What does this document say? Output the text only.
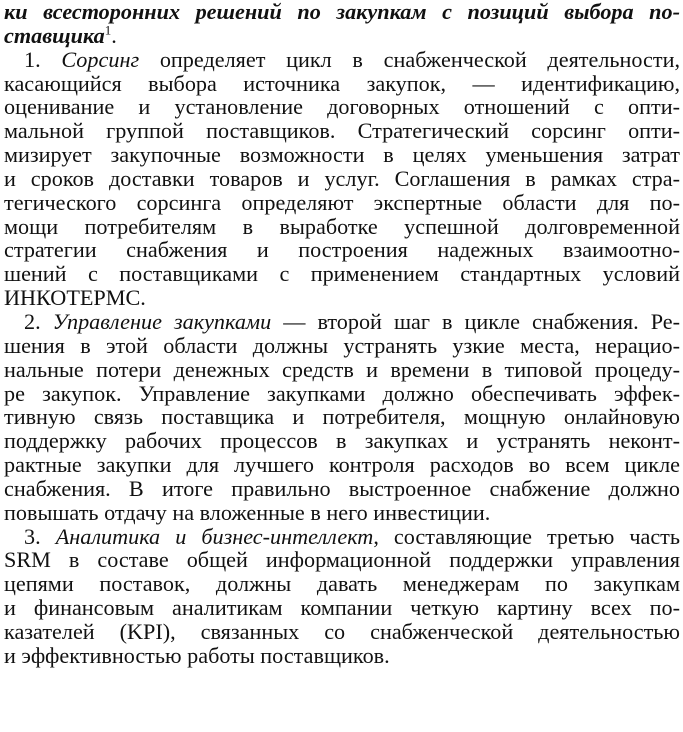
ки всесторонних решений по закупкам с позиций выбора по-
ставщика$^1$.
1. Сорсинг определяет цикл в снабженческой деятельности,
касающийся выбора источника закупок, — идентификацию,
оценивание и установление договорных отношений с опти-
мальной группой поставщиков. Стратегический сорсинг опти-
мизирует закупочные возможности в целях уменьшения затрат
и сроков доставки товаров и услуг. Соглашения в рамках стра-
тегического сорсинга определяют экспертные области для по-
мощи потребителям в выработке успешной долговременной
стратегии снабжения и построения надежных взаимоотно-
шений с поставщиками с применением стандартных условий
ИНКОТЕРМС.
2. Управление закупками — второй шаг в цикле снабжения. Ре-
шения в этой области должны устранять узкие места, нерацио-
нальные потери денежных средств и времени в типовой процеду-
ре закупок. Управление закупками должно обеспечивать эффек-
тивную связь поставщика и потребителя, мощную онлайновую
поддержку рабочих процессов в закупках и устранять неконт-
рактные закупки для лучшего контроля расходов во всем цикле
снабжения. В итоге правильно выстроенное снабжение должно
повышать отдачу на вложенные в него инвестиции.
3. Аналитика и бизнес-интеллект, составляющие третью часть
SRM в составе общей информационной поддержки управления
цепями поставок, должны давать менеджерам по закупкам
и финансовым аналитикам компании четкую картину всех по-
казателей (KPI), связанных со снабженческой деятельностью
и эффективностью работы поставщиков.
